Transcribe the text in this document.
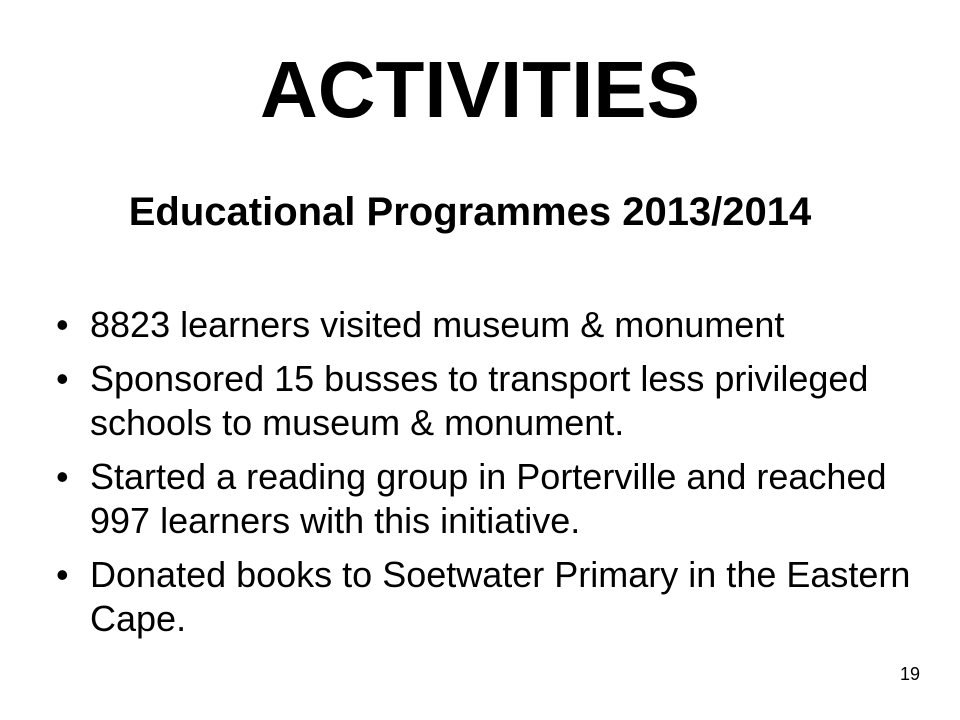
ACTIVITIES
Educational Programmes 2013/2014
• 8823 learners visited museum & monument
• Sponsored 15 busses to transport less privileged schools to museum & monument.
• Started a reading group in Porterville and reached 997 learners with this initiative.
• Donated books to Soetwater Primary in the Eastern Cape.
19
